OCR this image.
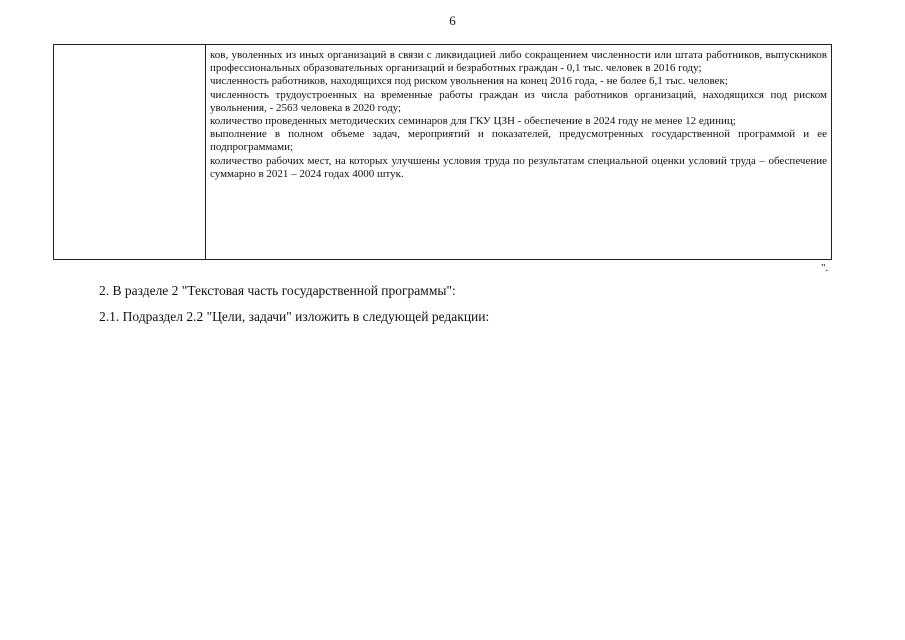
6

ков, уволенных из иных организаций в связи с ликвидацией либо сокращением численности или штата работников, выпускников профессиональных образовательных организаций и безработных граждан - 0,1 тыс. человек в 2016 году;

численность работников, находящихся под риском увольнения на конец 2016 года, - не более 6,1 тыс. человек;

численность трудоустроенных на временные работы граждан из числа работников организаций, находящихся под риском увольнения, - 2563 человека в 2020 году;

количество проведенных методических семинаров для ГКУ ЦЗН - обеспечение в 2024 году не менее 12 единиц;

выполнение в полном объеме задач, мероприятий и показателей, предусмотренных государственной программой и ее подпрограммами;

количество рабочих мест, на которых улучшены условия труда по результатам специальной оценки условий труда – обеспечение суммарно в 2021 – 2024 годах 4000 штук.

".

2. В разделе 2 "Текстовая часть государственной программы":

2.1. Подраздел 2.2 "Цели, задачи" изложить в следующей редакции:
